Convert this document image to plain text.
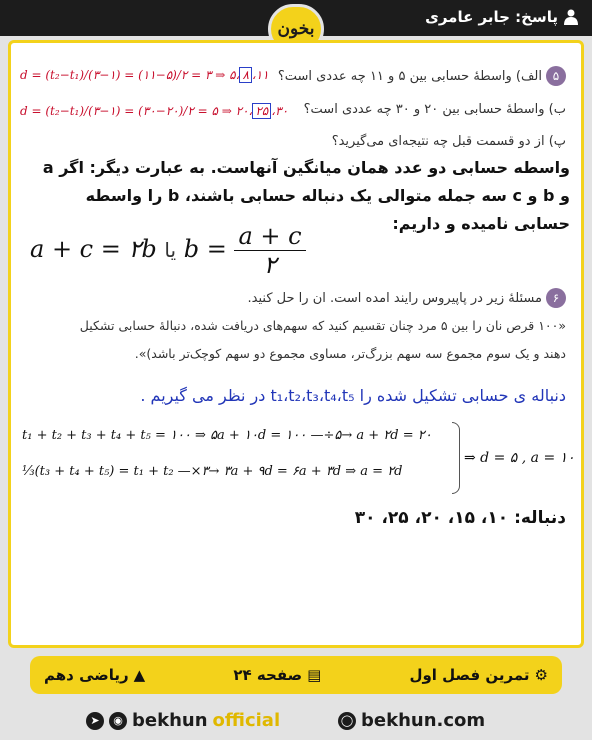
پاسخ: جابر عامری
بخون
۵الف) واسطهٔ حسابی بین ۵ و ۱۱ چه عددی است؟
d = (t₂−t₁)/(۳−۱) = (۱۱−۵)/۲ = ۳ ⇒ ۵، ۸ ،۱۱
ب) واسطهٔ حسابی بین ۲۰ و ۳۰ چه عددی است؟
d = (t₂−t₁)/(۳−۱) = (۳۰−۲۰)/۲ = ۵ ⇒ ۲۰، ۲۵ ،۳۰
پ) از دو قسمت قبل چه نتیجه‌ای می‌گیرید؟
واسطه حسابی دو عدد همان میانگین آنهاست. به عبارت دیگر: اگر a
و b و c سه جمله متوالی یک دنباله حسابی باشند، b را واسطه
حسابی نامیده و داریم:
a + c = ۲b یا $b = \frac{a + c}{۲}$
۶مسئلهٔ زیر در پاپیروس رایند امده است. ان را حل کنید.
«۱۰۰ قرص نان را بین ۵ مرد چنان تقسیم کنید که سهم‌های دریافت شده، دنبالهٔ حسابی تشکیل
دهند و یک سوم مجموع سه سهم بزرگ‌تر، مساوی مجموع دو سهم کوچک‌تر باشد)».
دنباله ی حسابی تشکیل شده را t₁،t₂،t₃،t₄،t₅ در نظر می گیریم .
t₁ + t₂ + t₃ + t₄ + t₅ = ۱۰۰ ⇒ ۵a + ۱۰d = ۱۰۰ —÷۵→ a + ۲d = ۲۰
⅓(t₃ + t₄ + t₅) = t₁ + t₂ —×۳→ ۳a + ۹d = ۶a + ۳d ⇒ a = ۲d
⇒ d = ۵ , a = ۱۰
دنباله: ۱۰، ۱۵، ۲۰، ۲۵، ۳۰
⚙
تمرین فصل اول
▤
صفحه ۲۴
▲
ریاضی دهم
➤	◉ bekhun official	◯ bekhun.com
